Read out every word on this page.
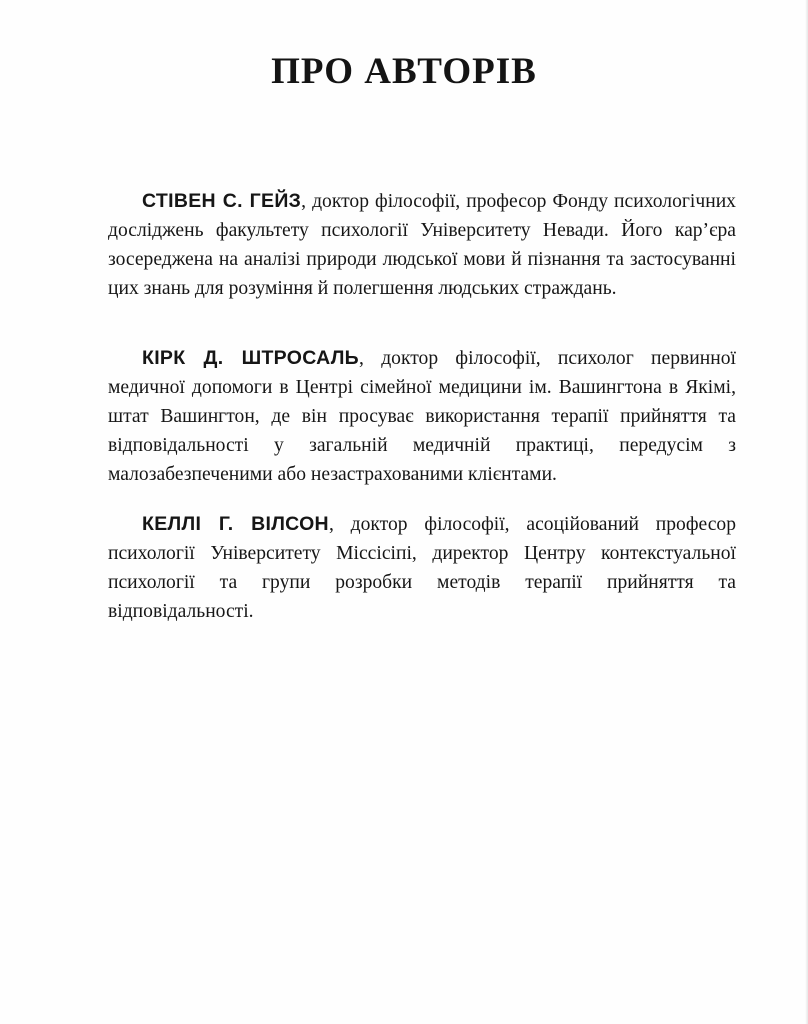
ПРО АВТОРІВ

СТІВЕН С. ГЕЙЗ, доктор філософії, професор Фонду психологічних досліджень факультету психології Університету Невади. Його кар’єра зосереджена на аналізі природи людської мови й пізнання та застосуванні цих знань для розуміння й полегшення людських страждань.

КІРК Д. ШТРОСАЛЬ, доктор філософії, психолог первинної медичної допомоги в Центрі сімейної медицини ім. Вашингтона в Якімі, штат Вашингтон, де він просуває використання терапії прийняття та відповідальності у загальній медичній практиці, передусім з малозабезпеченими або незастрахованими клієнтами.

КЕЛЛІ Г. ВІЛСОН, доктор філософії, асоційований професор психології Університету Міссісіпі, директор Центру контекстуальної психології та групи розробки методів терапії прийняття та відповідальності.
